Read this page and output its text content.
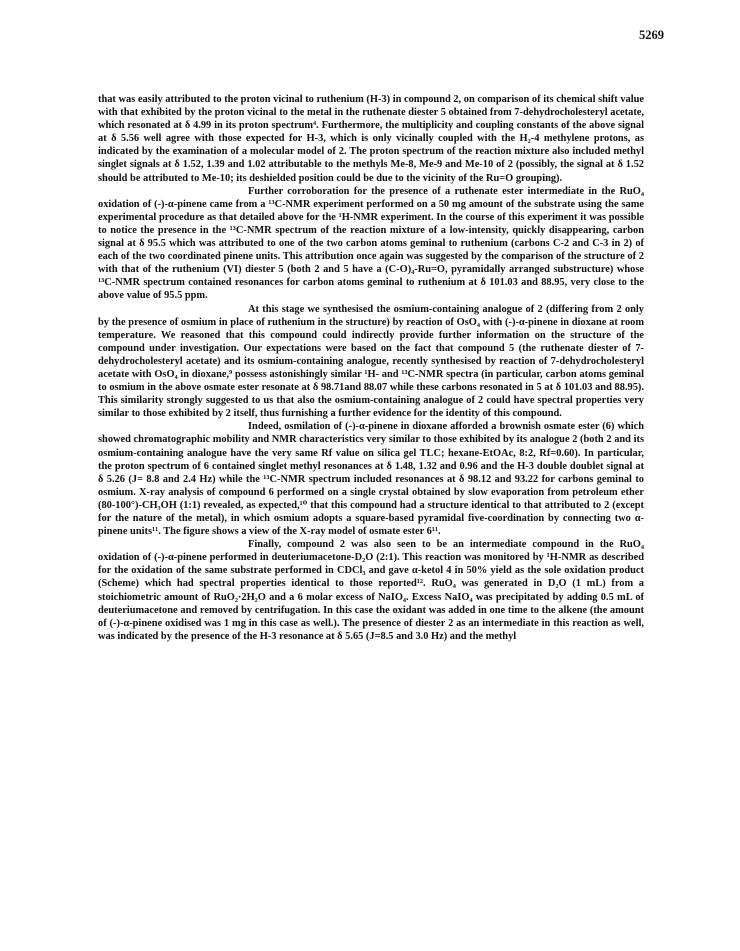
5269

that was easily attributed to the proton vicinal to ruthenium (H-3) in compound 2, on comparison of its chemical shift value with that exhibited by the proton vicinal to the metal in the ruthenate diester 5 obtained from 7-dehydrocholesteryl acetate, which resonated at δ 4.99 in its proton spectrum⁴. Furthermore, the multiplicity and coupling constants of the above signal at δ 5.56 well agree with those expected for H-3, which is only vicinally coupled with the H₂-4 methylene protons, as indicated by the examination of a molecular model of 2. The proton spectrum of the reaction mixture also included methyl singlet signals at δ 1.52, 1.39 and 1.02 attributable to the methyls Me-8, Me-9 and Me-10 of 2 (possibly, the signal at δ 1.52 should be attributed to Me-10; its deshielded position could be due to the vicinity of the Ru=O grouping).

Further corroboration for the presence of a ruthenate ester intermediate in the RuO₄ oxidation of (-)-α-pinene came from a ¹³C-NMR experiment performed on a 50 mg amount of the substrate using the same experimental procedure as that detailed above for the ¹H-NMR experiment. In the course of this experiment it was possible to notice the presence in the ¹³C-NMR spectrum of the reaction mixture of a low-intensity, quickly disappearing, carbon signal at δ 95.5 which was attributed to one of the two carbon atoms geminal to ruthenium (carbons C-2 and C-3 in 2) of each of the two coordinated pinene units. This attribution once again was suggested by the comparison of the structure of 2 with that of the ruthenium (VI) diester 5 (both 2 and 5 have a (C-O)₄-Ru=O, pyramidally arranged substructure) whose ¹³C-NMR spectrum contained resonances for carbon atoms geminal to ruthenium at δ 101.03 and 88.95, very close to the above value of 95.5 ppm.

At this stage we synthesised the osmium-containing analogue of 2 (differing from 2 only by the presence of osmium in place of ruthenium in the structure) by reaction of OsO₄ with (-)-α-pinene in dioxane at room temperature. We reasoned that this compound could indirectly provide further information on the structure of the compound under investigation. Our expectations were based on the fact that compound 5 (the ruthenate diester of 7-dehydrocholesteryl acetate) and its osmium-containing analogue, recently synthesised by reaction of 7-dehydrocholesteryl acetate with OsO₄ in dioxane,⁹ possess astonishingly similar ¹H- and ¹³C-NMR spectra (in particular, carbon atoms geminal to osmium in the above osmate ester resonate at δ 98.71and 88.07 while these carbons resonated in 5 at δ 101.03 and 88.95). This similarity strongly suggested to us that also the osmium-containing analogue of 2 could have spectral properties very similar to those exhibited by 2 itself, thus furnishing a further evidence for the identity of this compound.

Indeed, osmilation of (-)-α-pinene in dioxane afforded a brownish osmate ester (6) which showed chromatographic mobility and NMR characteristics very similar to those exhibited by its analogue 2 (both 2 and its osmium-containing analogue have the very same Rf value on silica gel TLC; hexane-EtOAc, 8:2, Rf=0.60). In particular, the proton spectrum of 6 contained singlet methyl resonances at δ 1.48, 1.32 and 0.96 and the H-3 double doublet signal at δ 5.26 (J= 8.8 and 2.4 Hz) while the ¹³C-NMR spectrum included resonances at δ 98.12 and 93.22 for carbons geminal to osmium. X-ray analysis of compound 6 performed on a single crystal obtained by slow evaporation from petroleum ether (80-100°)-CH₃OH (1:1) revealed, as expected,¹⁰ that this compound had a structure identical to that attributed to 2 (except for the nature of the metal), in which osmium adopts a square-based pyramidal five-coordination by connecting two α-pinene units¹¹. The figure shows a view of the X-ray model of osmate ester 6¹¹.

Finally, compound 2 was also seen to be an intermediate compound in the RuO₄ oxidation of (-)-α-pinene performed in deuteriumacetone-D₂O (2:1). This reaction was monitored by ¹H-NMR as described for the oxidation of the same substrate performed in CDCl₃ and gave α-ketol 4 in 50% yield as the sole oxidation product (Scheme) which had spectral properties identical to those reported¹². RuO₄ was generated in D₂O (1 mL) from a stoichiometric amount of RuO₂·2H₂O and a 6 molar excess of NaIO₄. Excess NaIO₄ was precipitated by adding 0.5 mL of deuteriumacetone and removed by centrifugation. In this case the oxidant was added in one time to the alkene (the amount of (-)-α-pinene oxidised was 1 mg in this case as well.). The presence of diester 2 as an intermediate in this reaction as well, was indicated by the presence of the H-3 resonance at δ 5.65 (J=8.5 and 3.0 Hz) and the methyl
